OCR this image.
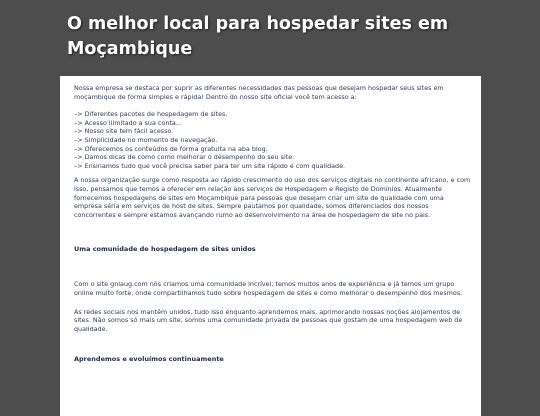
O melhor local para hospedar sites em Moçambique

Nossa empresa se destaca por suprir as diferentes necessidades das pessoas que desejam hospedar seus sites em moçambique de forma simples e rápida! Dentro do nosso site oficial você tem acesso a:

–> Diferentes pacotes de hospedagem de sites.
–> Acesso ilimitado a sua conta...
–> Nosso site tem fácil acesso.
–> Simplicidade no momento de navegação.
–> Oferecemos os conteúdos de forma gratuita na aba blog.
–> Damos dicas de como como melhorar o desempenho do seu site.
–> Ensinamos tudo que você precisa saber para ter um site rápido e com qualidade.

A nossa organização surge como resposta ao rápido crescimento do uso dos serviços digitais no continente africano, e com isso, pensamos que temos a oferecer em relação aos serviços de Hospedagem e Registo de Domínios. Atualmente fornecemos hospedagens de sites em Moçambique para pessoas que desejam criar um site de qualidade com uma empresa séria em serviços de host de sites. Sempre pautamos por qualidade, somos diferenciados dos nossos concorrentes e sempre estamos avançando rumo ao desenvolvimento na área de hospedagem de site no pais.

Uma comunidade de hospedagem de sites unidos

Com o site gnlaug.com nós criamos uma comunidade incrível, temos muitos anos de experiência e já temos um grupo online muito forte, onde compartilhamos tudo sobre hospedagem de sites e como melhorar o desempenho dos mesmos.

As redes sociais nos mantêm unidos, tudo isso enquanto aprendemos mais, aprimorando nossas noções alojamentos de sites. Não somos só mais um site, somos uma comunidade privada de pessoas que gostam de uma hospedagem web de qualidade.

Aprendemos e evoluímos continuamente
